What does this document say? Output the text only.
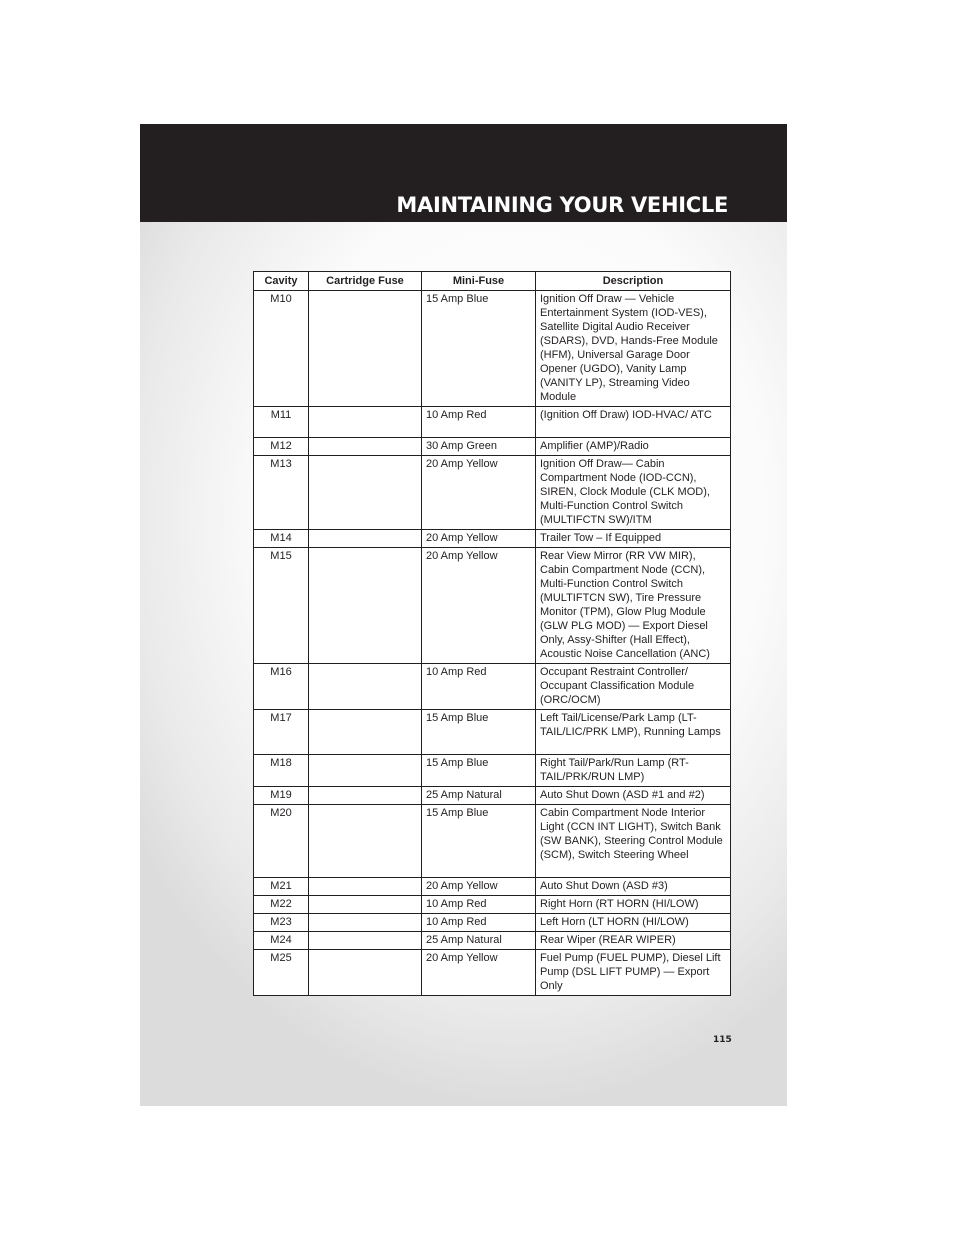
MAINTAINING YOUR VEHICLE
Cavity	Cartridge Fuse	Mini-Fuse	Description
M10		15 Amp Blue	Ignition Off Draw — Vehicle Entertainment System (IOD-VES), Satellite Digital Audio Receiver (SDARS), DVD, Hands-Free Module (HFM), Universal Garage Door Opener (UGDO), Vanity Lamp (VANITY LP), Streaming Video Module
M11		10 Amp Red	(Ignition Off Draw) IOD-HVAC/ ATC
M12		30 Amp Green	Amplifier (AMP)/Radio
M13		20 Amp Yellow	Ignition Off Draw— Cabin Compartment Node (IOD-CCN), SIREN, Clock Module (CLK MOD), Multi-Function Control Switch (MULTIFCTN SW)/ITM
M14		20 Amp Yellow	Trailer Tow – If Equipped
M15		20 Amp Yellow	Rear View Mirror (RR VW MIR), Cabin Compartment Node (CCN), Multi-Function Control Switch (MULTIFTCN SW), Tire Pressure Monitor (TPM), Glow Plug Module (GLW PLG MOD) — Export Diesel Only, Assy-Shifter (Hall Effect), Acoustic Noise Cancellation (ANC)
M16		10 Amp Red	Occupant Restraint Controller/ Occupant Classification Module (ORC/OCM)
M17		15 Amp Blue	Left Tail/License/Park Lamp (LT-TAIL/LIC/PRK LMP), Running Lamps
M18		15 Amp Blue	Right Tail/Park/Run Lamp (RT-TAIL/PRK/RUN LMP)
M19		25 Amp Natural	Auto Shut Down (ASD #1 and #2)
M20		15 Amp Blue	Cabin Compartment Node Interior Light (CCN INT LIGHT), Switch Bank (SW BANK), Steering Control Module (SCM), Switch Steering Wheel
M21		20 Amp Yellow	Auto Shut Down (ASD #3)
M22		10 Amp Red	Right Horn (RT HORN (HI/LOW)
M23		10 Amp Red	Left Horn (LT HORN (HI/LOW)
M24		25 Amp Natural	Rear Wiper (REAR WIPER)
M25		20 Amp Yellow	Fuel Pump (FUEL PUMP), Diesel Lift Pump (DSL LIFT PUMP) — Export Only
115
